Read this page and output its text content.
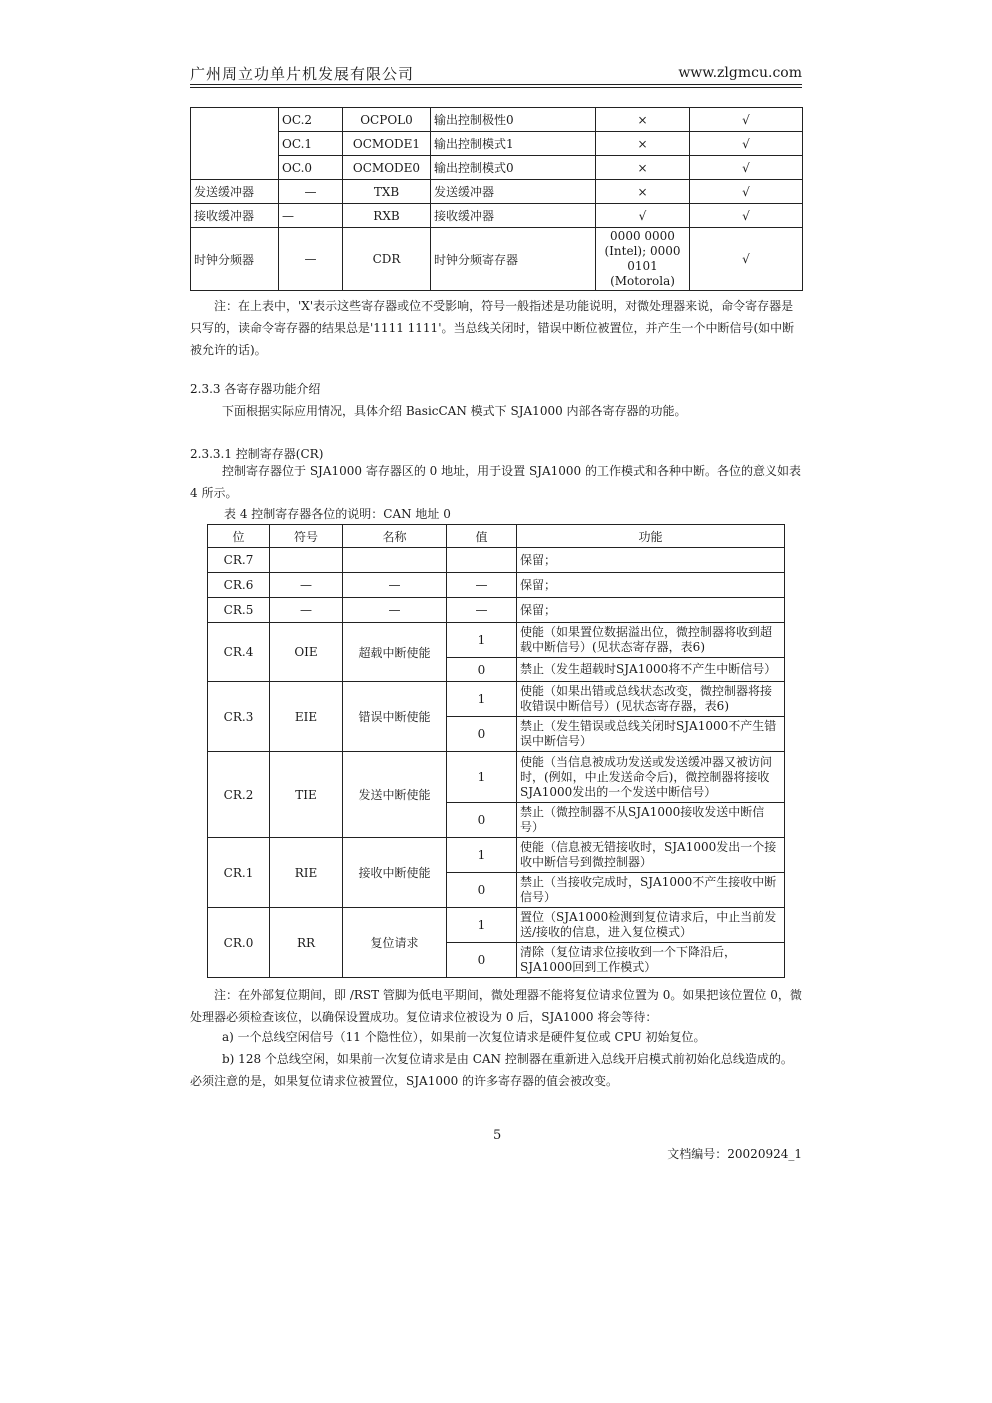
广州周立功单片机发展有限公司	www.zlgmcu.com
	OC.2	OCPOL0	输出控制极性0	×	√
	OC.1	OCMODE1	输出控制模式1	×	√
	OC.0	OCMODE0	输出控制模式0	×	√
发送缓冲器	—	TXB	发送缓冲器	×	√
接收缓冲器	—	RXB	接收缓冲器	√	√
时钟分频器	—	CDR	时钟分频寄存器	0000 0000 (Intel); 0000 0101 (Motorola)	√
注：在上表中，'X'表示这些寄存器或位不受影响，符号一般指述是功能说明，对微处理器来说，命令寄存器是只写的，读命令寄存器的结果总是'1111 1111'。当总线关闭时，错误中断位被置位，并产生一个中断信号(如中断被允许的话)。
2.3.3 各寄存器功能介绍
下面根据实际应用情况，具体介绍 BasicCAN 模式下 SJA1000 内部各寄存器的功能。
2.3.3.1 控制寄存器(CR)
控制寄存器位于 SJA1000 寄存器区的 0 地址，用于设置 SJA1000 的工作模式和各种中断。各位的意义如表 4 所示。
表 4 控制寄存器各位的说明：CAN 地址 0
位	符号	名称	值	功能
CR.7				保留；
CR.6	—	—	—	保留；
CR.5	—	—	—	保留；
CR.4	OIE	超载中断使能	1	使能（如果置位数据溢出位，微控制器将收到超载中断信号）(见状态寄存器，表6)
			0	禁止（发生超载时SJA1000将不产生中断信号）
CR.3	EIE	错误中断使能	1	使能（如果出错或总线状态改变，微控制器将接收错误中断信号）(见状态寄存器，表6)
			0	禁止（发生错误或总线关闭时SJA1000不产生错误中断信号）
CR.2	TIE	发送中断使能	1	使能（当信息被成功发送或发送缓冲器又被访问时，(例如，中止发送命令后)，微控制器将接收SJA1000发出的一个发送中断信号）
			0	禁止（微控制器不从SJA1000接收发送中断信号）
CR.1	RIE	接收中断使能	1	使能（信息被无错接收时，SJA1000发出一个接收中断信号到微控制器）
			0	禁止（当接收完成时，SJA1000不产生接收中断信号）
CR.0	RR	复位请求	1	置位（SJA1000检测到复位请求后，中止当前发送/接收的信息，进入复位模式）
			0	清除（复位请求位接收到一个下降沿后，SJA1000回到工作模式）
注：在外部复位期间，即 /RST 管脚为低电平期间，微处理器不能将复位请求位置为 0。如果把该位置位 0，微处理器必须检查该位，以确保设置成功。复位请求位被设为 0 后，SJA1000 将会等待：
a) 一个总线空闲信号（11 个隐性位），如果前一次复位请求是硬件复位或 CPU 初始复位。
b) 128 个总线空闲，如果前一次复位请求是由 CAN 控制器在重新进入总线开启模式前初始化总线造成的。必须注意的是，如果复位请求位被置位，SJA1000 的许多寄存器的值会被改变。
5
文档编号：20020924_1
